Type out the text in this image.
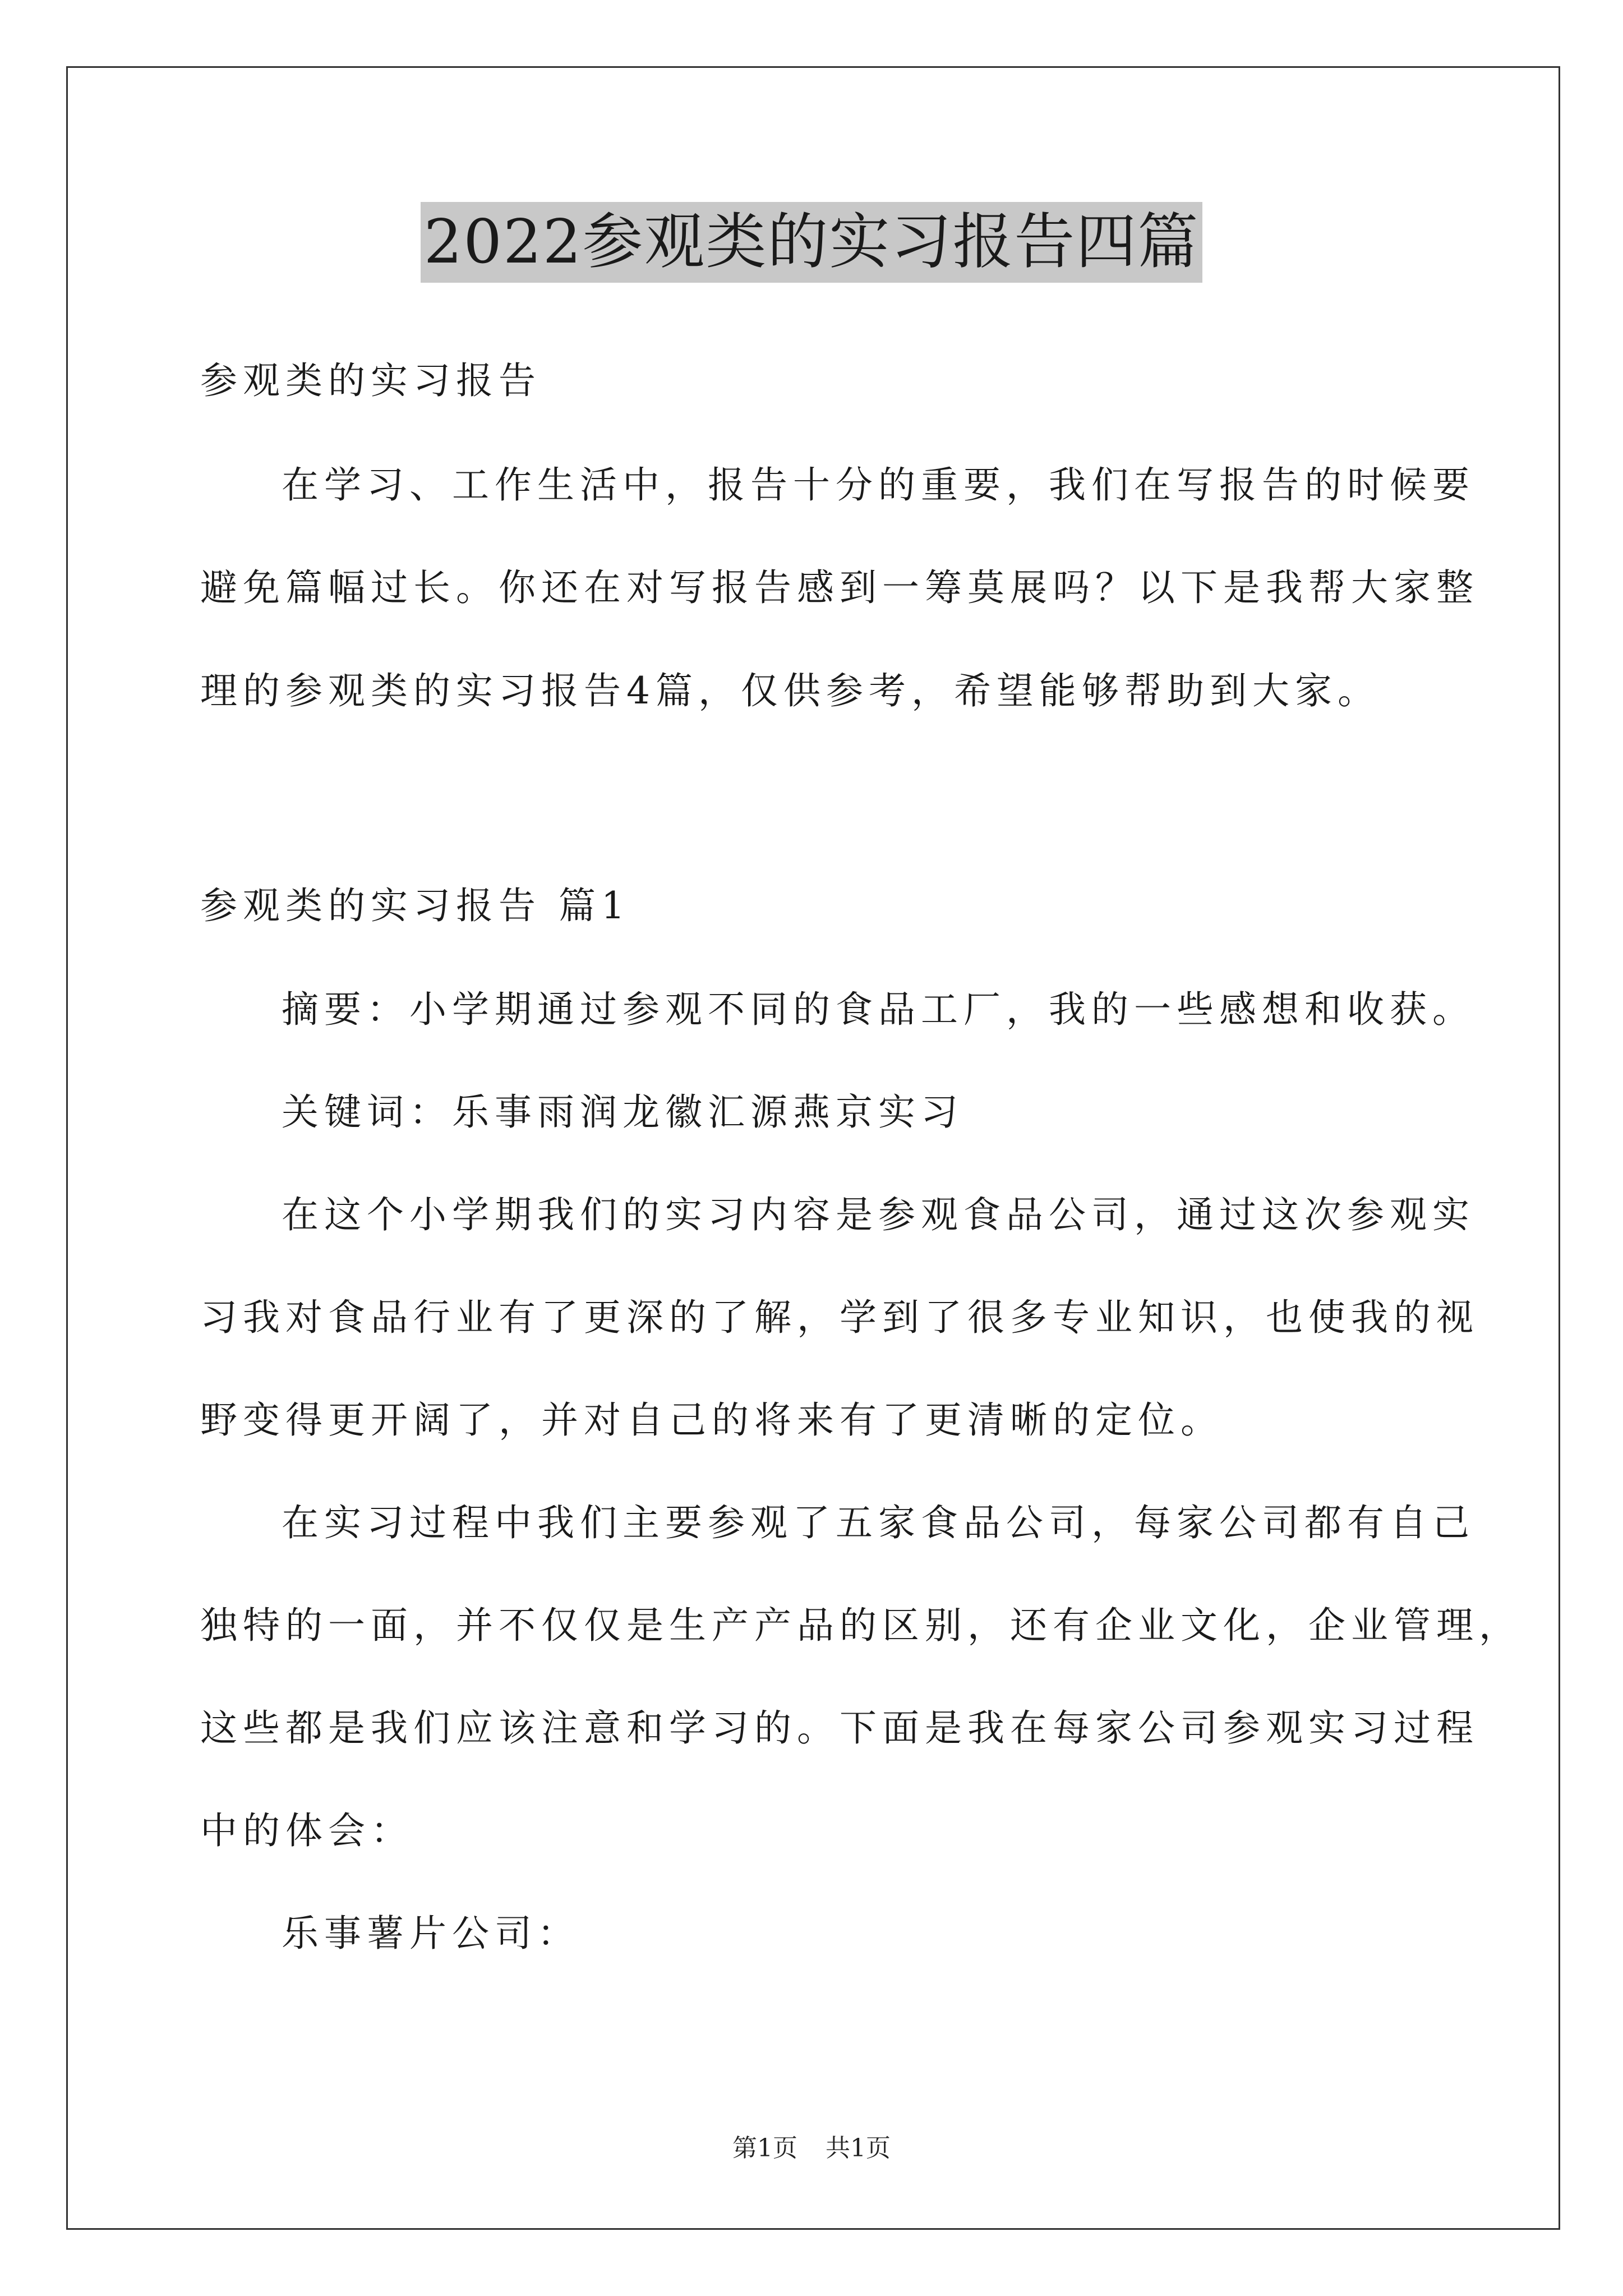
2022参观类的实习报告四篇
参观类的实习报告
在学习、工作生活中，报告十分的重要，我们在写报告的时候要
避免篇幅过长。你还在对写报告感到一筹莫展吗？以下是我帮大家整
理的参观类的实习报告4篇，仅供参考，希望能够帮助到大家。
参观类的实习报告 篇1
摘要：小学期通过参观不同的食品工厂，我的一些感想和收获。
关键词：乐事雨润龙徽汇源燕京实习
在这个小学期我们的实习内容是参观食品公司，通过这次参观实
习我对食品行业有了更深的了解，学到了很多专业知识，也使我的视
野变得更开阔了，并对自己的将来有了更清晰的定位。
在实习过程中我们主要参观了五家食品公司，每家公司都有自己
独特的一面，并不仅仅是生产产品的区别，还有企业文化，企业管理，
这些都是我们应该注意和学习的。下面是我在每家公司参观实习过程
中的体会：
乐事薯片公司：
第1页 共1页
